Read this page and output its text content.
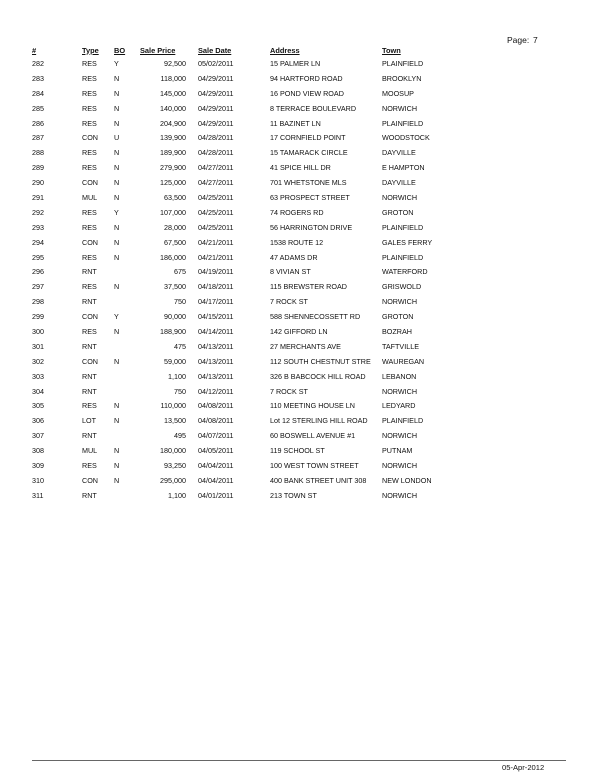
Page: 7
#	Type	BO	Sale Price	Sale Date	Address	Town
282	RES	Y	92,500	05/02/2011	15 PALMER LN	PLAINFIELD
283	RES	N	118,000	04/29/2011	94 HARTFORD ROAD	BROOKLYN
284	RES	N	145,000	04/29/2011	16 POND VIEW ROAD	MOOSUP
285	RES	N	140,000	04/29/2011	8 TERRACE BOULEVARD	NORWICH
286	RES	N	204,900	04/29/2011	11 BAZINET LN	PLAINFIELD
287	CON	U	139,900	04/28/2011	17 CORNFIELD POINT	WOODSTOCK
288	RES	N	189,900	04/28/2011	15 TAMARACK CIRCLE	DAYVILLE
289	RES	N	279,900	04/27/2011	41 SPICE HILL DR	E HAMPTON
290	CON	N	125,000	04/27/2011	701 WHETSTONE MLS	DAYVILLE
291	MUL	N	63,500	04/25/2011	63 PROSPECT STREET	NORWICH
292	RES	Y	107,000	04/25/2011	74 ROGERS RD	GROTON
293	RES	N	28,000	04/25/2011	56 HARRINGTON DRIVE	PLAINFIELD
294	CON	N	67,500	04/21/2011	1538 ROUTE 12	GALES FERRY
295	RES	N	186,000	04/21/2011	47 ADAMS DR	PLAINFIELD
296	RNT		675	04/19/2011	8 VIVIAN ST	WATERFORD
297	RES	N	37,500	04/18/2011	115 BREWSTER ROAD	GRISWOLD
298	RNT		750	04/17/2011	7 ROCK ST	NORWICH
299	CON	Y	90,000	04/15/2011	588 SHENNECOSSETT RD	GROTON
300	RES	N	188,900	04/14/2011	142 GIFFORD LN	BOZRAH
301	RNT		475	04/13/2011	27 MERCHANTS AVE	TAFTVILLE
302	CON	N	59,000	04/13/2011	112 SOUTH CHESTNUT STRE	WAUREGAN
303	RNT		1,100	04/13/2011	326 B BABCOCK HILL ROAD	LEBANON
304	RNT		750	04/12/2011	7 ROCK ST	NORWICH
305	RES	N	110,000	04/08/2011	110 MEETING HOUSE LN	LEDYARD
306	LOT	N	13,500	04/08/2011	Lot 12 STERLING HILL ROAD	PLAINFIELD
307	RNT		495	04/07/2011	60 BOSWELL AVENUE #1	NORWICH
308	MUL	N	180,000	04/05/2011	119 SCHOOL ST	PUTNAM
309	RES	N	93,250	04/04/2011	100 WEST TOWN STREET	NORWICH
310	CON	N	295,000	04/04/2011	400 BANK STREET UNIT 308	NEW LONDON
311	RNT		1,100	04/01/2011	213 TOWN ST	NORWICH
05-Apr-2012
